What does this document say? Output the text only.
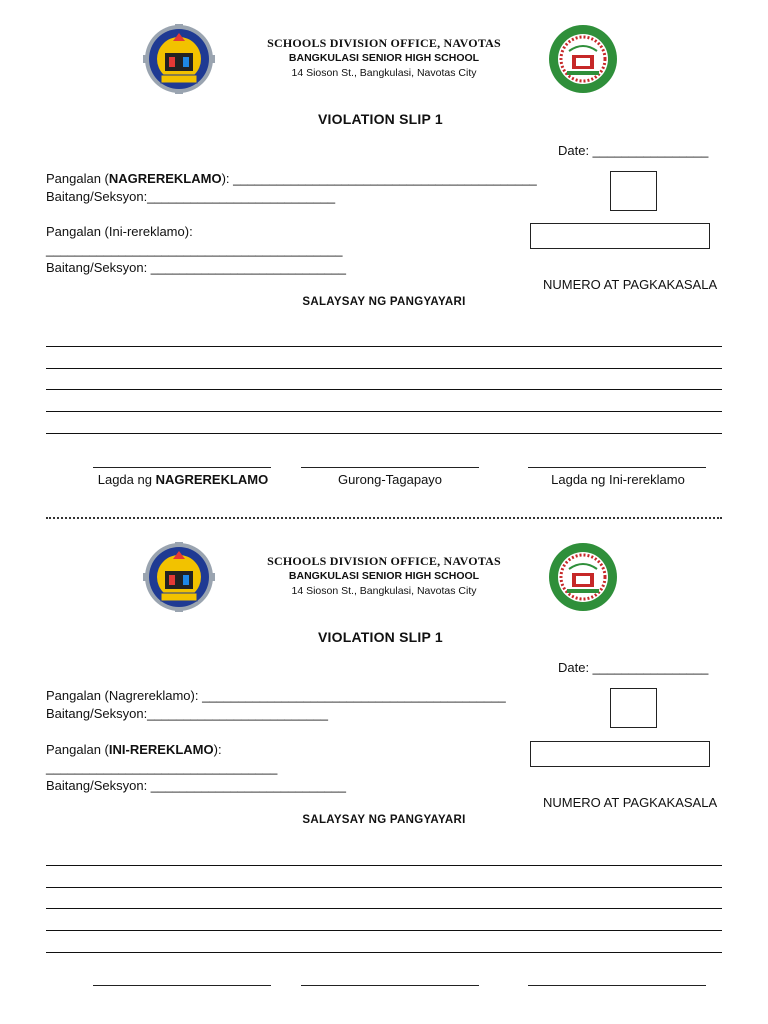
SCHOOLS DIVISION OFFICE, NAVOTAS
BANGKULASI SENIOR HIGH SCHOOL
14 Sioson St., Bangkulasi, Navotas City
VIOLATION SLIP 1
Date: ________________
Pangalan (NAGREREKLAMO): __________________________________________
Baitang/Seksyon:__________________________
Pangalan (Ini-rereklamo):
_________________________________________
Baitang/Seksyon: ___________________________
NUMERO AT PAGKAKASALA
SALAYSAY NG PANGYAYARI
Lagda ng NAGREREKLAMO	Gurong-Tagapayo	Lagda ng Ini-rereklamo
SCHOOLS DIVISION OFFICE, NAVOTAS
BANGKULASI SENIOR HIGH SCHOOL
14 Sioson St., Bangkulasi, Navotas City
VIOLATION SLIP 1
Date: ________________
Pangalan (Nagrereklamo): __________________________________________
Baitang/Seksyon:_________________________
Pangalan (INI-REREKLAMO):
________________________________
Baitang/Seksyon: ___________________________
NUMERO AT PAGKAKASALA
SALAYSAY NG PANGYAYARI
